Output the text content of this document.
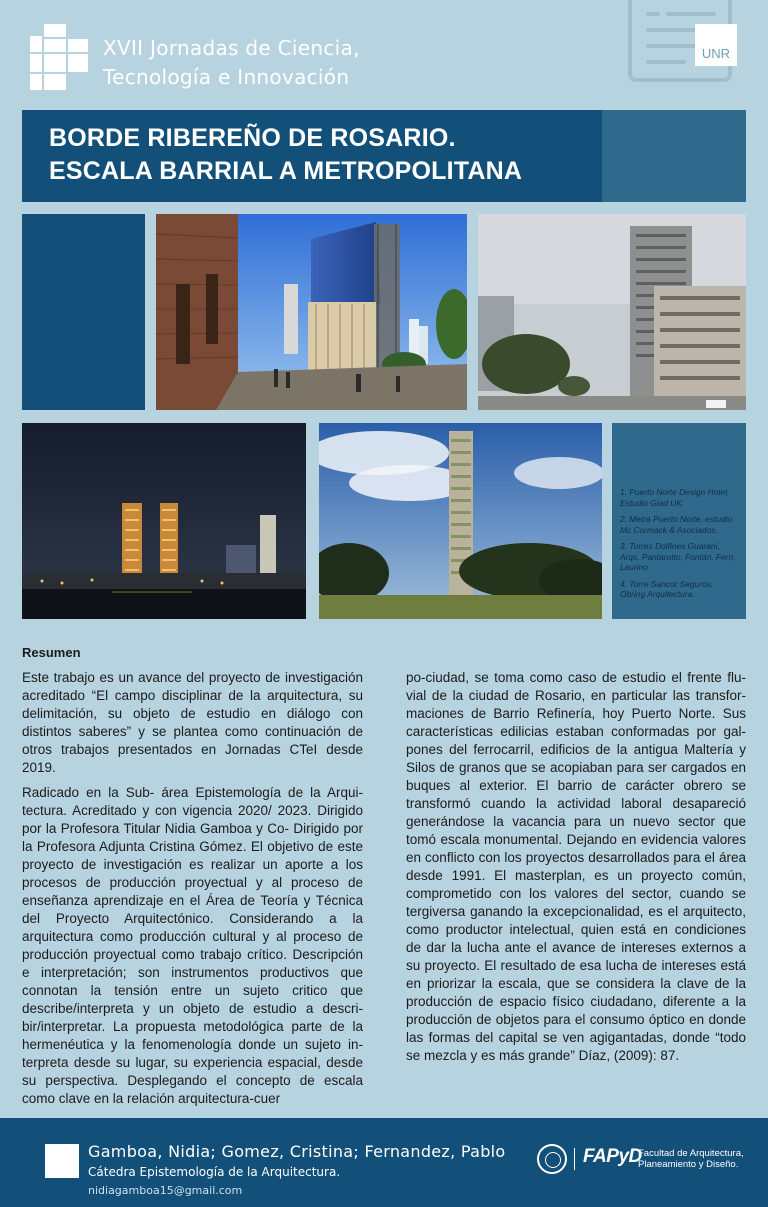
XVII Jornadas de Ciencia,
Tecnología e Innovación
UNR
BORDE RIBEREÑO DE ROSARIO.
ESCALA BARRIAL A METROPOLITANA

1. Puerto Norte Design Hotel, Estudio Giad UK.

2. Metra Puerto Norte, estudio Mc Cormack & Asociados.

3. Torres Dolfines Guaraní, Arqs. Pantarotto, Fontán, Ferri, Laurino

4. Torre Sancor Seguros, Obring Arquitectura.

Resumen

Este trabajo es un avance del proyecto de investigación acreditado “El campo disciplinar de la arquitectura, su delimitación, su objeto de estudio en diálogo con distintos saberes” y se plantea como continuación de otros trabajos presentados en Jornadas CTeI desde 2019.

Radicado en la Sub- área Epistemología de la Arquitectura. Acreditado y con vigencia 2020/ 2023. Dirigido por la Profesora Titular Nidia Gamboa y Co- Dirigido por la Profesora Adjunta Cristina Gómez. El objetivo de este proyecto de investigación es realizar un aporte a los procesos de producción proyectual y al proceso de enseñanza aprendizaje en el Área de Teoría y Técnica del Proyecto Arquitectónico. Considerando a la arquitectura como producción cultural y al proceso de producción proyectual como trabajo crítico. Descripción e interpretación; son instrumentos productivos que connotan la tensión entre un sujeto critico que describe/interpreta y un objeto de estudio a describir/interpretar. La propuesta metodológica parte de la hermenéutica y la fenomenología donde un sujeto interpreta desde su lugar, su experiencia espacial, desde su perspectiva. Desplegando el concepto de escala como clave en la relación arquitectura-cuer

po-ciudad, se toma como caso de estudio el frente fluvial de la ciudad de Rosario, en particular las transformaciones de Barrio Refinería, hoy Puerto Norte. Sus características edilicias estaban conformadas por galpones del ferrocarril, edificios de la antigua Maltería y Silos de granos que se acopiaban para ser cargados en buques al exterior. El barrio de carácter obrero se transformó cuando la actividad laboral desapareció generándose la vacancia para un nuevo sector que tomó escala monumental. Dejando en evidencia valores en conflicto con los proyectos desarrollados para el área desde 1991. El masterplan, es un proyecto común, comprometido con los valores del sector, cuando se tergiversa ganando la excepcionalidad, es el arquitecto, como productor intelectual, quien está en condiciones de dar la lucha ante el avance de intereses externos a su proyecto. El resultado de esa lucha de intereses está en priorizar la escala, que se considera la clave de la producción de espacio físico ciudadano, diferente a la producción de objetos para el consumo óptico en donde las formas del capital se ven agigantadas, donde “todo se mezcla y es más grande” Díaz, (2009): 87.

Gamboa, Nidia; Gomez, Cristina; Fernandez, Pablo
Cátedra Epistemología de la Arquitectura.
nidiagamboa15@gmail.com
FAPyD
Facultad de Arquitectura,
Planeamiento y Diseño.
